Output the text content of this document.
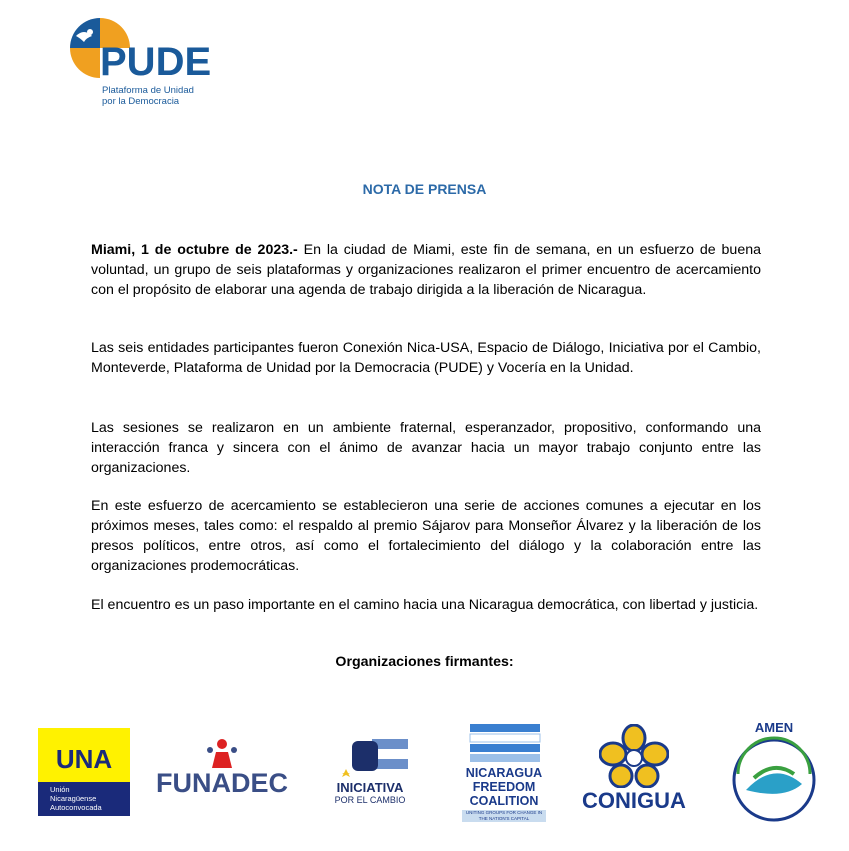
PUDE
Plataforma de Unidad
por la Democracia
NOTA DE PRENSA
Miami, 1 de octubre de 2023.- En la ciudad de Miami, este fin de semana, en un esfuerzo de buena voluntad, un grupo de seis plataformas y organizaciones realizaron el primer encuentro de acercamiento con el propósito de elaborar una agenda de trabajo dirigida a la liberación de Nicaragua.
Las seis entidades participantes fueron Conexión Nica-USA, Espacio de Diálogo, Iniciativa por el Cambio, Monteverde, Plataforma de Unidad por la Democracia (PUDE) y Vocería en la Unidad.
Las sesiones se realizaron en un ambiente fraternal, esperanzador, propositivo, conformando una interacción franca y sincera con el ánimo de avanzar hacia un mayor trabajo conjunto entre las organizaciones.
En este esfuerzo de acercamiento se establecieron una serie de acciones comunes a ejecutar en los próximos meses, tales como: el respaldo al premio Sájarov para Monseñor Álvarez y la liberación de los presos políticos, entre otros, así como el fortalecimiento del diálogo y la colaboración entre las organizaciones prodemocráticas.
El encuentro es un paso importante en el camino hacia una Nicaragua democrática, con libertad y justicia.
Organizaciones firmantes:
UNA
Unión
Nicaragüense
Autoconvocada
FUNADEC	INICIATIVA
POR EL CAMBIO
NICARAGUA
FREEDOM
COALITION
UNITING GROUPS FOR CHANGE IN THE NATION'S CAPITAL
CONIGUA
AMEN
